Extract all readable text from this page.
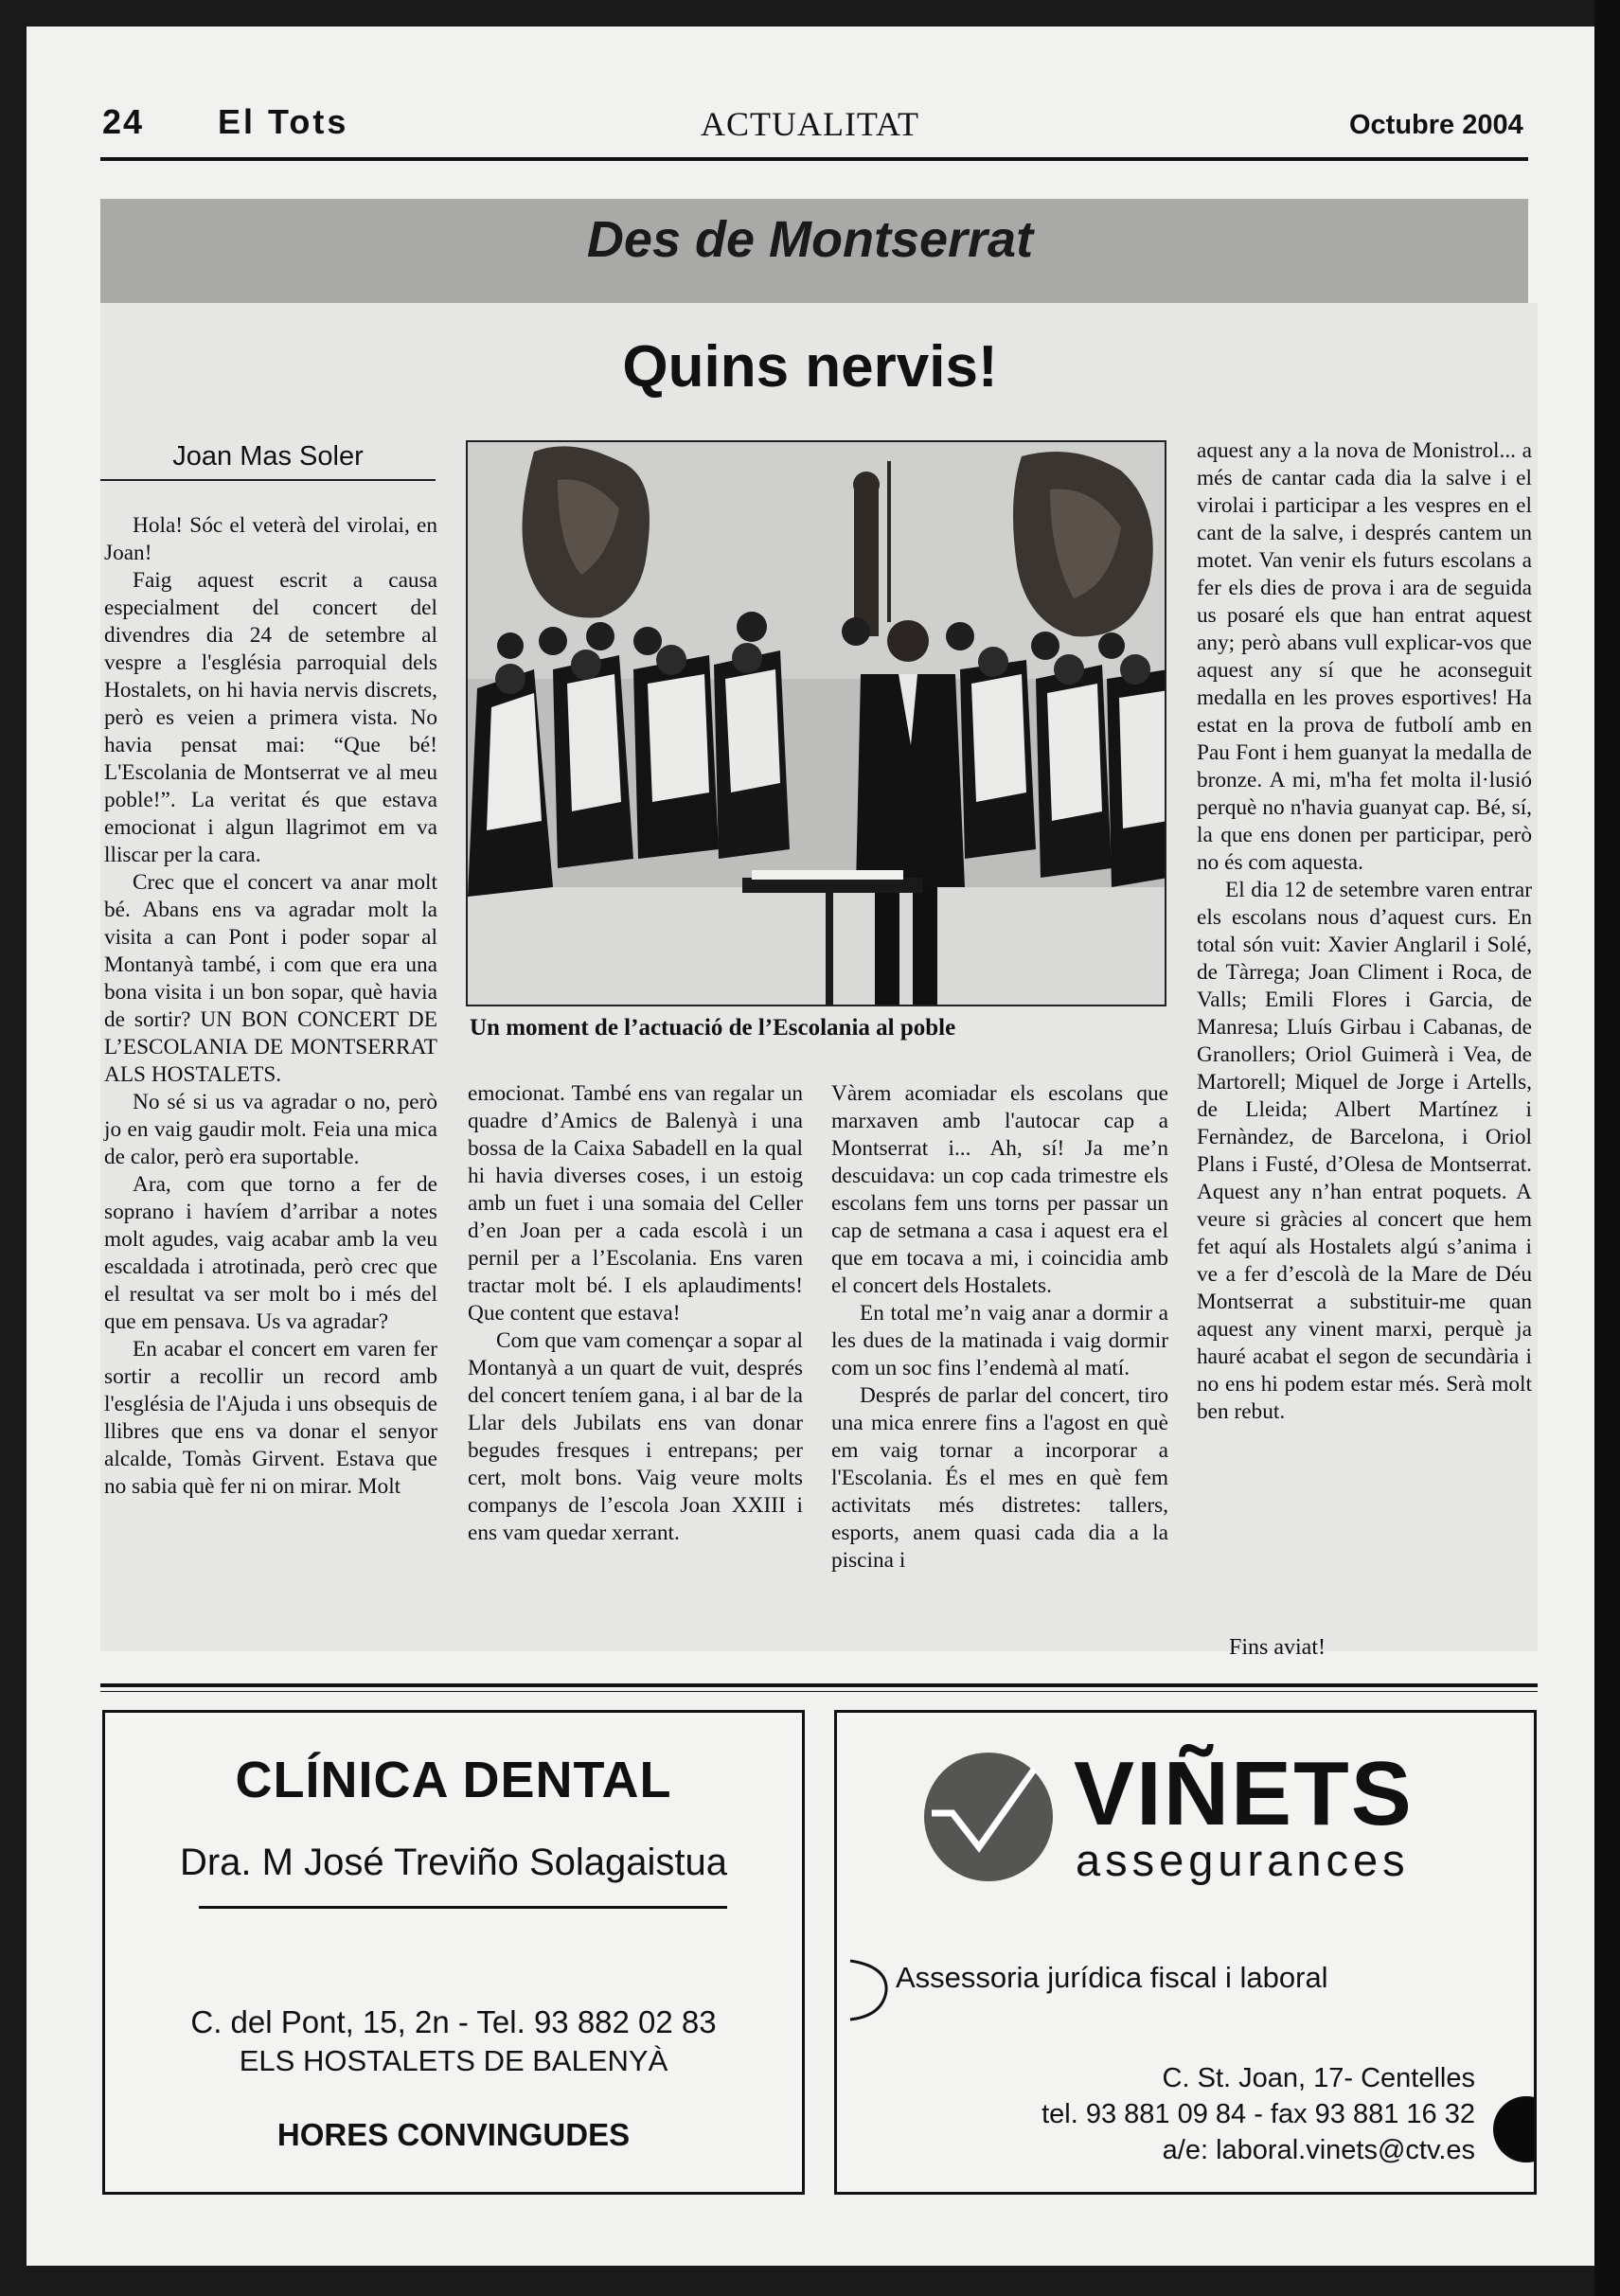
24 El Tots	ACTUALITAT	Octubre 2004
Des de Montserrat
Quins nervis!
Joan Mas Soler

Hola! Sóc el veterà del virolai, en Joan!

Faig aquest escrit a causa especialment del concert del divendres dia 24 de setembre al vespre a l'església parroquial dels Hostalets, on hi havia nervis discrets, però es veien a primera vista. No havia pensat mai: “Que bé! L'Escolania de Montserrat ve al meu poble!”. La veritat és que estava emocionat i algun llagrimot em va lliscar per la cara.

Crec que el concert va anar molt bé. Abans ens va agradar molt la visita a can Pont i poder sopar al Montanyà també, i com que era una bona visita i un bon sopar, què havia de sortir? UN BON CONCERT DE L’ESCOLANIA DE MONTSERRAT ALS HOSTALETS.

No sé si us va agradar o no, però jo en vaig gaudir molt. Feia una mica de calor, però era suportable.

Ara, com que torno a fer de soprano i havíem d’arribar a notes molt agudes, vaig acabar amb la veu escaldada i atrotinada, però crec que el resultat va ser molt bo i més del que em pensava. Us va agradar?

En acabar el concert em varen fer sortir a recollir un record amb l'església de l'Ajuda i uns obsequis de llibres que ens va donar el senyor alcalde, Tomàs Girvent. Estava que no sabia què fer ni on mirar. Molt

Un moment de l’actuació de l’Escolania al poble

emocionat. També ens van regalar un quadre d’Amics de Balenyà i una bossa de la Caixa Sabadell en la qual hi havia diverses coses, i un estoig amb un fuet i una somaia del Celler d’en Joan per a cada escolà i un pernil per a l’Escolania. Ens varen tractar molt bé. I els aplaudiments! Que content que estava!

Com que vam començar a sopar al Montanyà a un quart de vuit, després del concert teníem gana, i al bar de la Llar dels Jubilats ens van donar begudes fresques i entrepans; per cert, molt bons. Vaig veure molts companys de l’escola Joan XXIII i ens vam quedar xerrant.

Vàrem acomiadar els escolans que marxaven amb l'autocar cap a Montserrat i... Ah, sí! Ja me’n descuidava: un cop cada trimestre els escolans fem uns torns per passar un cap de setmana a casa i aquest era el que em tocava a mi, i coincidia amb el concert dels Hostalets.

En total me’n vaig anar a dormir a les dues de la matinada i vaig dormir com un soc fins l’endemà al matí.

Després de parlar del concert, tiro una mica enrere fins a l'agost en què em vaig tornar a incorporar a l'Escolania. És el mes en què fem activitats més distretes: tallers, esports, anem quasi cada dia a la piscina i

aquest any a la nova de Monistrol... a més de cantar cada dia la salve i el virolai i participar a les vespres en el cant de la salve, i després cantem un motet. Van venir els futurs escolans a fer els dies de prova i ara de seguida us posaré els que han entrat aquest any; però abans vull explicar-vos que aquest any sí que he aconseguit medalla en les proves esportives! Ha estat en la prova de futbolí amb en Pau Font i hem guanyat la medalla de bronze. A mi, m'ha fet molta il·lusió perquè no n'havia guanyat cap. Bé, sí, la que ens donen per participar, però no és com aquesta.

El dia 12 de setembre varen entrar els escolans nous d’aquest curs. En total són vuit: Xavier Anglaril i Solé, de Tàrrega; Joan Climent i Roca, de Valls; Emili Flores i Garcia, de Manresa; Lluís Girbau i Cabanas, de Granollers; Oriol Guimerà i Vea, de Martorell; Miquel de Jorge i Artells, de Lleida; Albert Martínez i Fernàndez, de Barcelona, i Oriol Plans i Fusté, d’Olesa de Montserrat. Aquest any n’han entrat poquets. A veure si gràcies al concert que hem fet aquí als Hostalets algú s’anima i ve a fer d’escolà de la Mare de Déu Montserrat a substituir-me quan aquest any vinent marxi, perquè ja hauré acabat el segon de secundària i no ens hi podem estar més. Serà molt ben rebut.

Fins aviat!
CLÍNICA DENTAL
Dra. M José Treviño Solagaistua
C. del Pont, 15, 2n - Tel. 93 882 02 83
ELS HOSTALETS DE BALENYÀ
HORES CONVINGUDES
VIÑETS
assegurances
Assessoria jurídica fiscal i laboral
C. St. Joan, 17- Centelles
tel. 93 881 09 84 - fax 93 881 16 32
a/e: laboral.vinets@ctv.es
